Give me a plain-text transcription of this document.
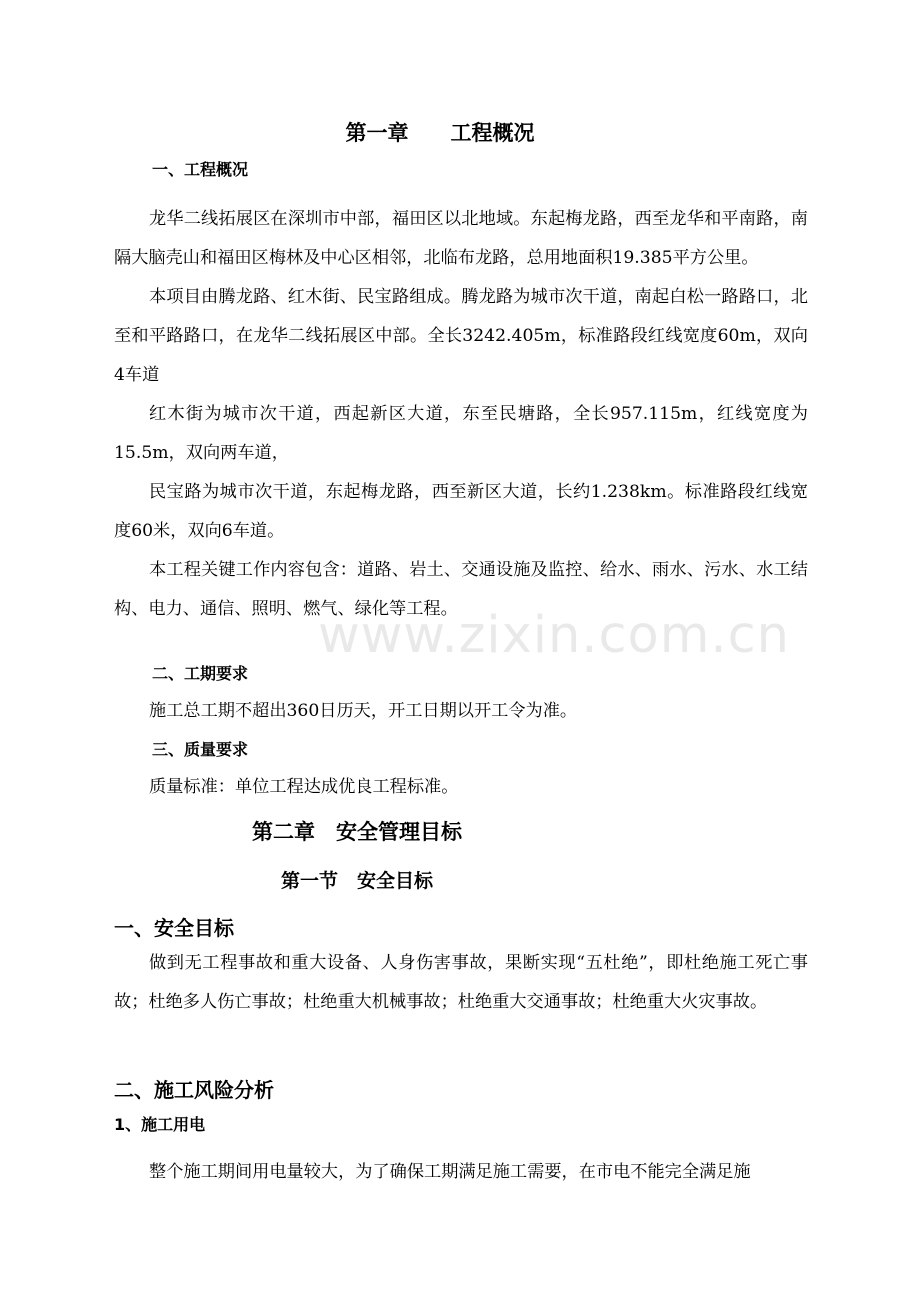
第一章　　工程概况
一、工程概况

龙华二线拓展区在深圳市中部，福田区以北地域。东起梅龙路，西至龙华和平南路，南隔大脑壳山和福田区梅林及中心区相邻，北临布龙路，总用地面积19.385平方公里。

本项目由腾龙路、红木街、民宝路组成。腾龙路为城市次干道，南起白松一路路口，北至和平路路口，在龙华二线拓展区中部。全长3242.405m，标准路段红线宽度60m，双向4车道

红木街为城市次干道，西起新区大道，东至民塘路，全长957.115m，红线宽度为15.5m，双向两车道，

民宝路为城市次干道，东起梅龙路，西至新区大道，长约1.238km。标准路段红线宽度60米，双向6车道。

本工程关键工作内容包含：道路、岩土、交通设施及监控、给水、雨水、污水、水工结构、电力、通信、照明、燃气、绿化等工程。

二、工期要求

施工总工期不超出360日历天，开工日期以开工令为准。

三、质量要求

质量标准：单位工程达成优良工程标准。

第二章　安全管理目标
第一节　安全目标
一、安全目标

做到无工程事故和重大设备、人身伤害事故，果断实现“五杜绝”，即杜绝施工死亡事故；杜绝多人伤亡事故；杜绝重大机械事故；杜绝重大交通事故；杜绝重大火灾事故。

二、施工风险分析
1、施工用电

整个施工期间用电量较大，为了确保工期满足施工需要，在市电不能完全满足施

www.zixin.com.cn
